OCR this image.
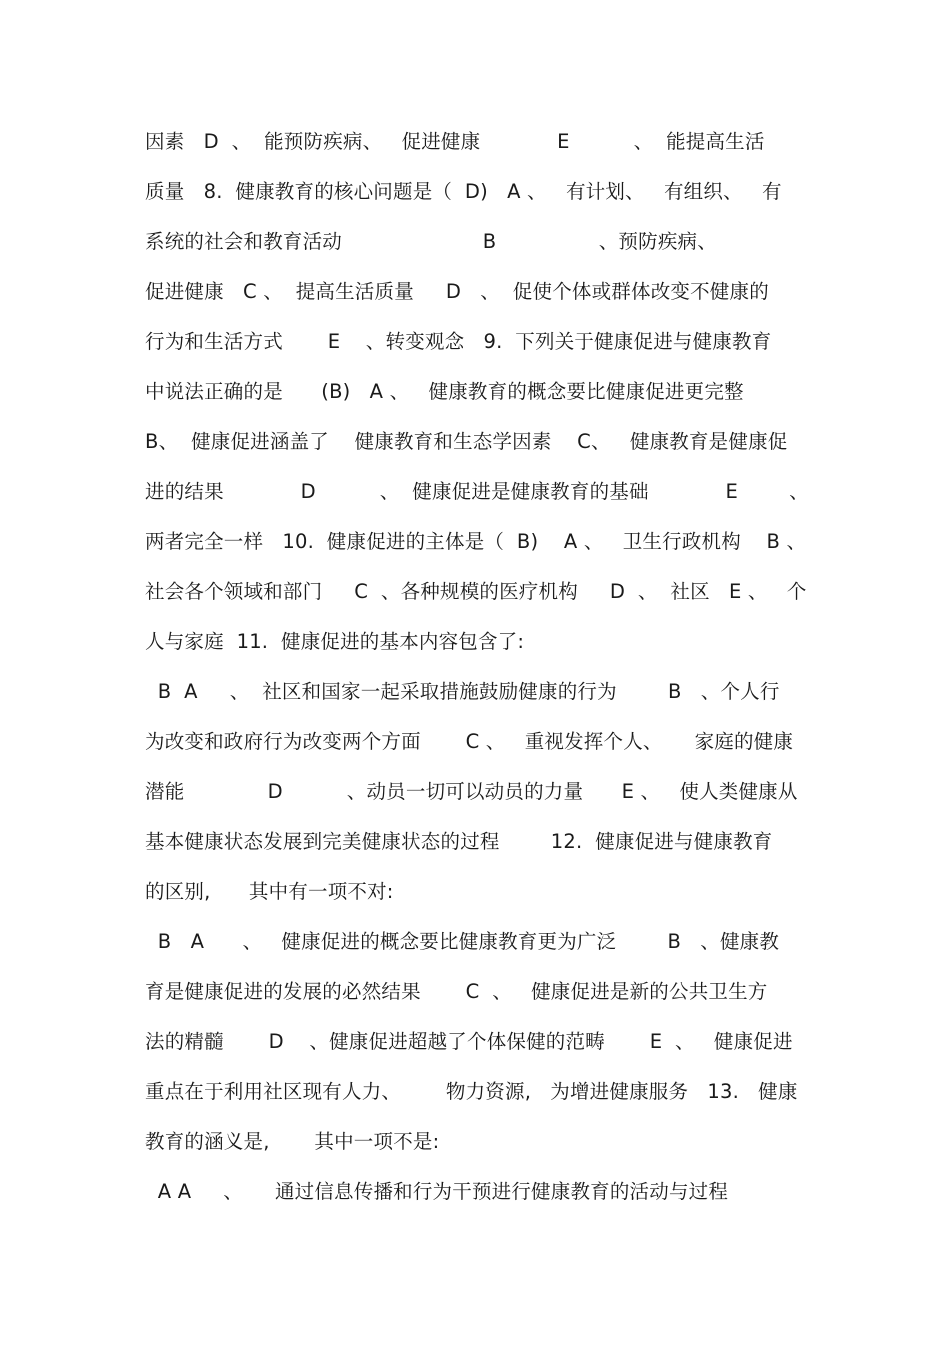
因素   D  、  能预防疾病、   促进健康            E          、  能提高生活
质量   8.  健康教育的核心问题是（  D)   A 、   有计划、   有组织、   有
系统的社会和教育活动                      B                、预防疾病、
促进健康   C 、  提高生活质量     D   、  促使个体或群体改变不健康的
行为和生活方式       E    、转变观念   9.  下列关于健康促进与健康教育
中说法正确的是      (B)   A 、   健康教育的概念要比健康促进更完整
B、  健康促进涵盖了    健康教育和生态学因素    C、   健康教育是健康促
进的结果            D          、  健康促进是健康教育的基础            E        、
两者完全一样   10.  健康促进的主体是（  B)    A 、   卫生行政机构    B 、
社会各个领域和部门     C  、各种规模的医疗机构     D  、  社区   E 、   个
人与家庭  11.  健康促进的基本内容包含了:
B  A     、  社区和国家一起采取措施鼓励健康的行为        B   、个人行
为改变和政府行为改变两个方面       C 、   重视发挥个人、     家庭的健康
潜能             D          、动员一切可以动员的力量      E 、   使人类健康从
基本健康状态发展到完美健康状态的过程        12.  健康促进与健康教育
的区别,      其中有一项不对:
B   A      、   健康促进的概念要比健康教育更为广泛        B   、健康教
育是健康促进的发展的必然结果       C  、   健康促进是新的公共卫生方
法的精髓       D    、健康促进超越了个体保健的范畴       E  、   健康促进
重点在于利用社区现有人力、       物力资源,   为增进健康服务   13.   健康
教育的涵义是,       其中一项不是:
A A     、     通过信息传播和行为干预进行健康教育的活动与过程
